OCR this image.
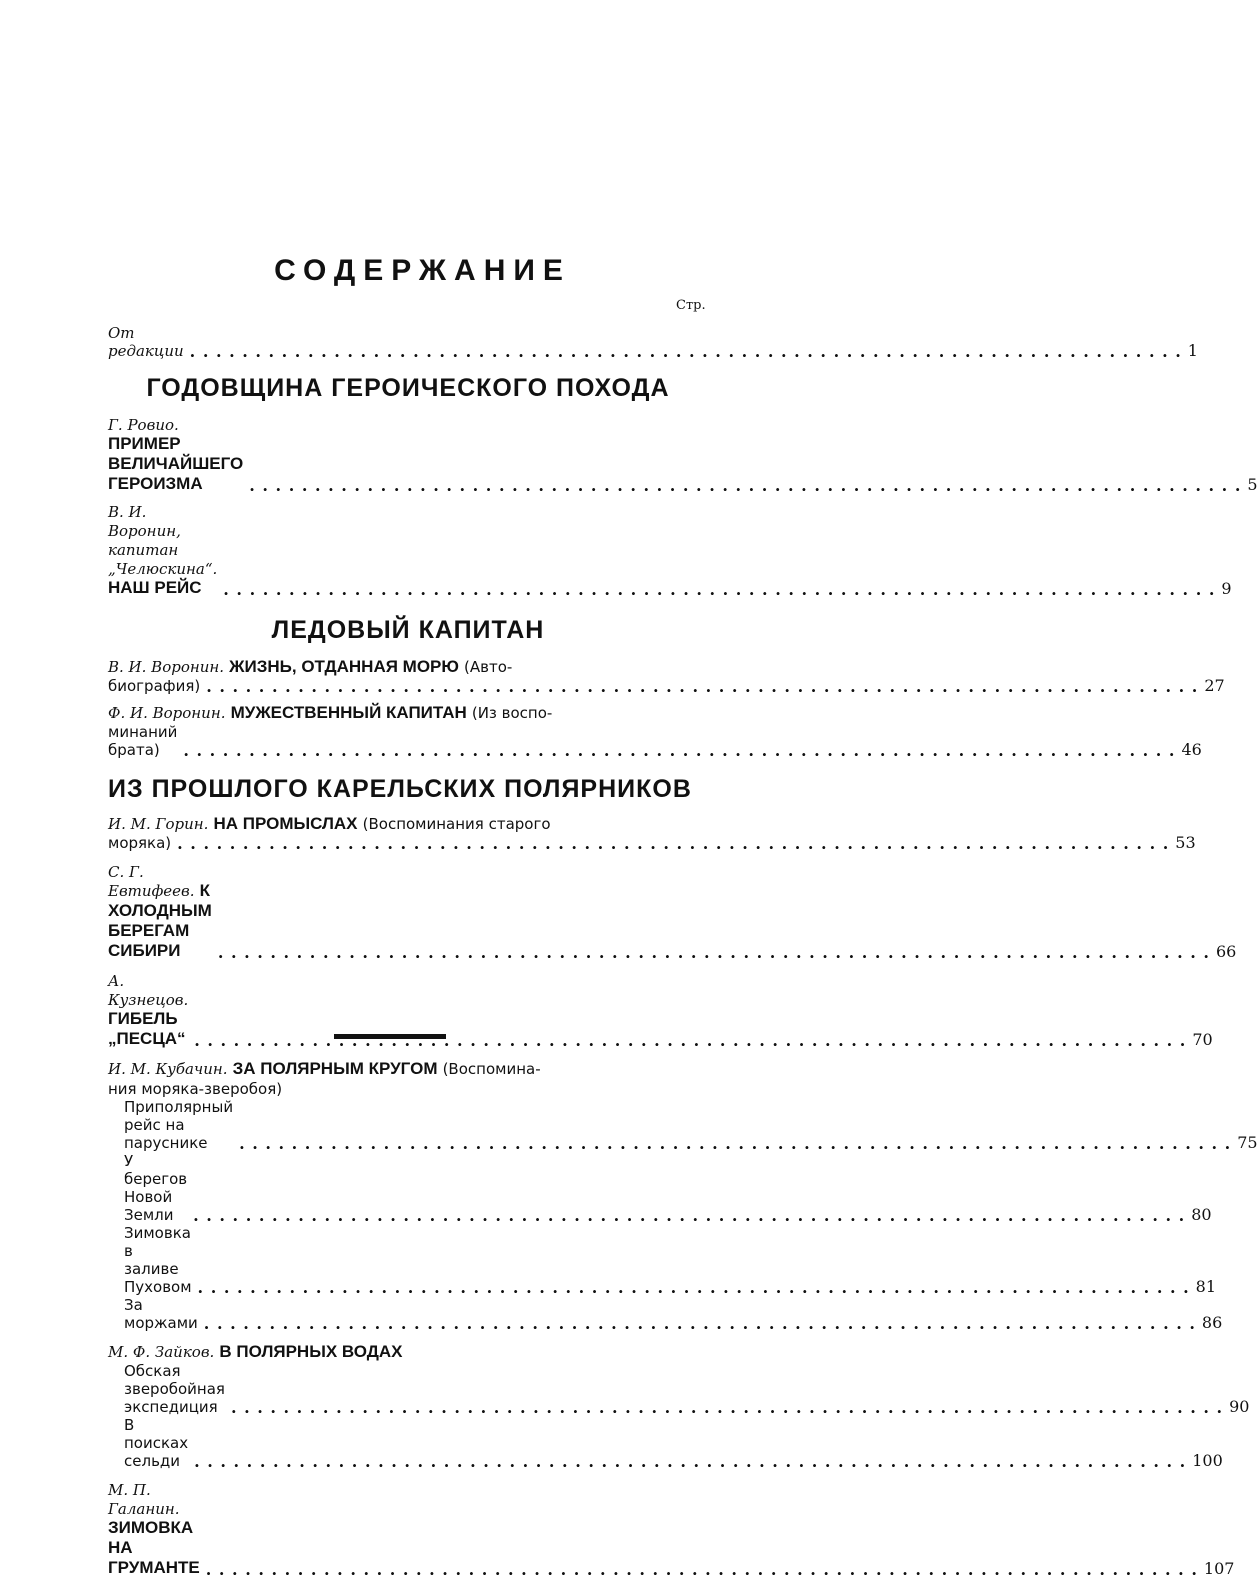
СОДЕРЖАНИЕ
Стр.
От редакции . . .	1
ГОДОВЩИНА ГЕРОИЧЕСКОГО ПОХОДА
Г. Ровио. ПРИМЕР ВЕЛИЧАЙШЕГО ГЕРОИЗМА . . .	5
В. И. Воронин, капитан „Челюскина“. НАШ РЕЙС . . .	9
ЛЕДОВЫЙ КАПИТАН
В. И. Воронин. ЖИЗНЬ, ОТДАННАЯ МОРЮ (Авто-
биография) . . .	27
Ф. И. Воронин. МУЖЕСТВЕННЫЙ КАПИТАН (Из воспо-
минаний брата) . . .	46
ИЗ ПРОШЛОГО КАРЕЛЬСКИХ ПОЛЯРНИКОВ
И. М. Горин. НА ПРОМЫСЛАХ (Воспоминания старого
моряка) . . .	53
С. Г. Евтифеев. К ХОЛОДНЫМ БЕРЕГАМ СИБИРИ . . .	66
А. Кузнецов. ГИБЕЛЬ „ПЕСЦА“ . . .	70
И. М. Кубачин. ЗА ПОЛЯРНЫМ КРУГОМ (Воспомина-
ния моряка-зверобоя)
Приполярный рейс на паруснике . . .	75
У берегов Новой Земли . . .	80
Зимовка в заливе Пуховом . . .	81
За моржами . . .	86
М. Ф. Зайков. В ПОЛЯРНЫХ ВОДАХ
Обская зверобойная экспедиция . . .	90
В поисках сельди . . .	100
М. П. Галанин. ЗИМОВКА НА ГРУМАНТЕ . . .	107
